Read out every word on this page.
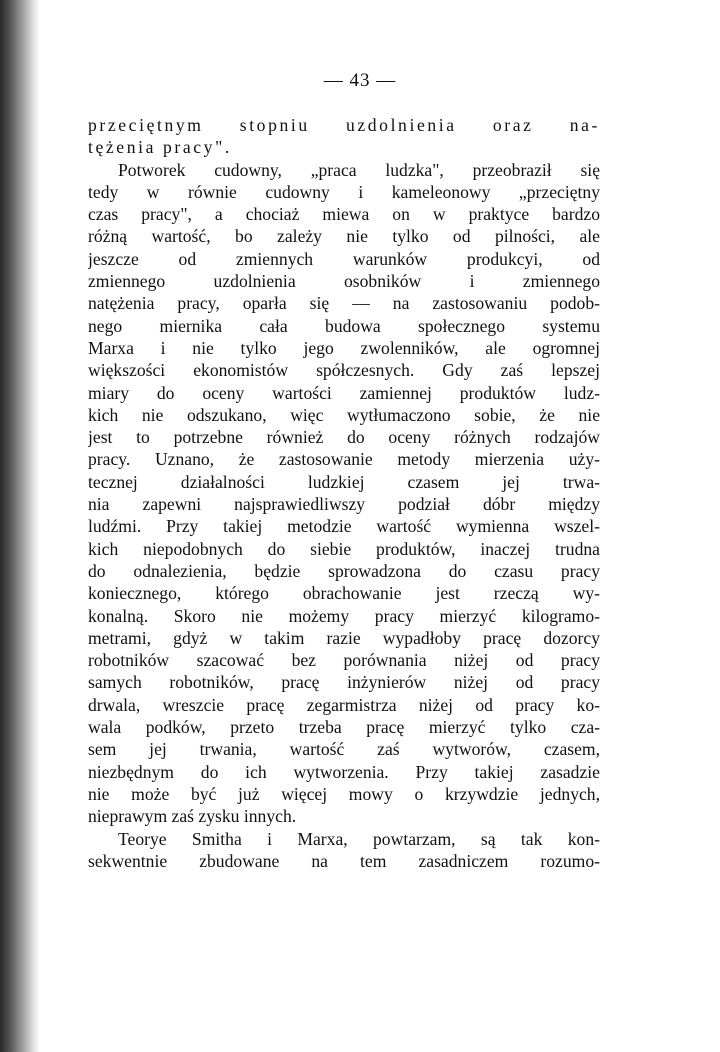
— 43 —
przeciętnym stopniu uzdolnienia oraz na-
tężenia pracy".
Potworek cudowny, „praca ludzka", przeobraził się
tedy w równie cudowny i kameleonowy „przeciętny
czas pracy", a chociaż miewa on w praktyce bardzo
różną wartość, bo zależy nie tylko od pilności, ale
jeszcze od zmiennych warunków produkcyi, od
zmiennego uzdolnienia osobników i zmiennego
natężenia pracy, oparła się — na zastosowaniu podob-
nego miernika cała budowa społecznego systemu
Marxa i nie tylko jego zwolenników, ale ogromnej
większości ekonomistów spółczesnych. Gdy zaś lepszej
miary do oceny wartości zamiennej produktów ludz-
kich nie odszukano, więc wytłumaczono sobie, że nie
jest to potrzebne również do oceny różnych rodzajów
pracy. Uznano, że zastosowanie metody mierzenia uży-
tecznej działalności ludzkiej czasem jej trwa-
nia zapewni najsprawiedliwszy podział dóbr między
ludźmi. Przy takiej metodzie wartość wymienna wszel-
kich niepodobnych do siebie produktów, inaczej trudna
do odnalezienia, będzie sprowadzona do czasu pracy
koniecznego, którego obrachowanie jest rzeczą wy-
konalną. Skoro nie możemy pracy mierzyć kilogramo-
metrami, gdyż w takim razie wypadłoby pracę dozorcy
robotników szacować bez porównania niżej od pracy
samych robotników, pracę inżynierów niżej od pracy
drwala, wreszcie pracę zegarmistrza niżej od pracy ko-
wala podków, przeto trzeba pracę mierzyć tylko cza-
sem jej trwania, wartość zaś wytworów, czasem,
niezbędnym do ich wytworzenia. Przy takiej zasadzie
nie może być już więcej mowy o krzywdzie jednych,
nieprawym zaś zysku innych.
Teorye Smitha i Marxa, powtarzam, są tak kon-
sekwentnie zbudowane na tem zasadniczem rozumo-
